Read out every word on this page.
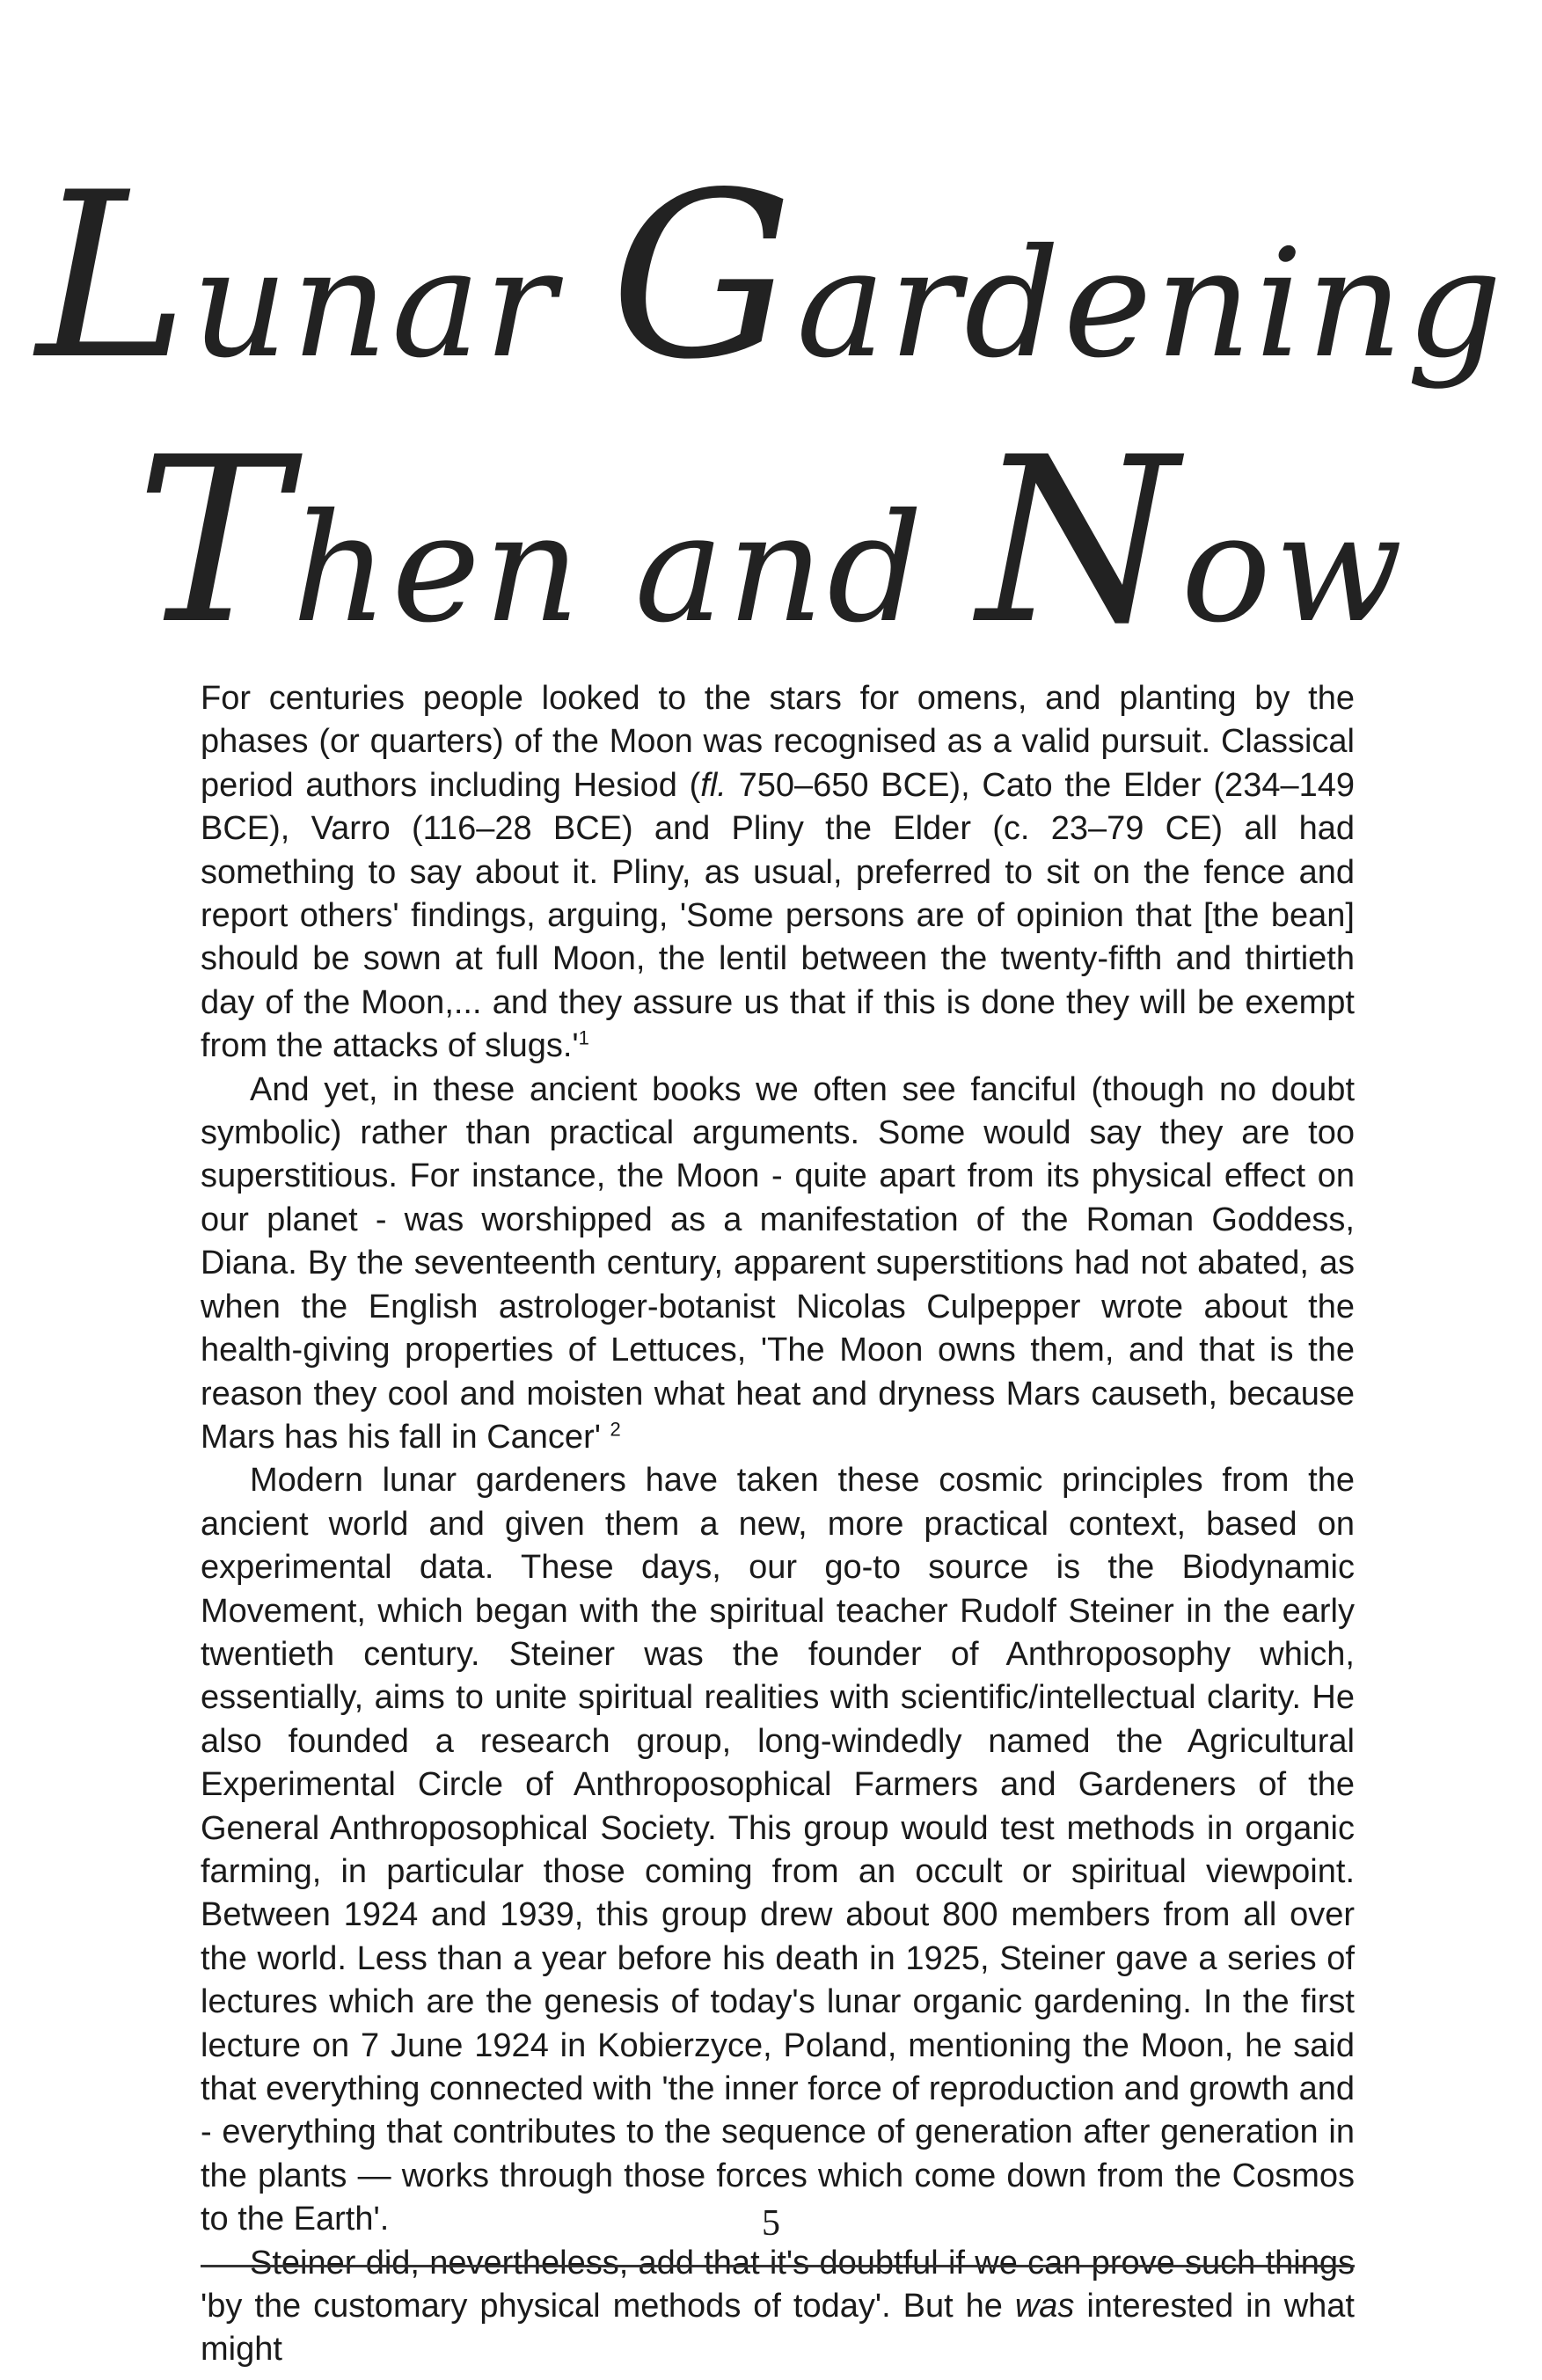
Lunar Gardening
Then and Now

For centuries people looked to the stars for omens, and planting by the phases (or quarters) of the Moon was recognised as a valid pursuit. Classical period authors including Hesiod (fl. 750–650 BCE), Cato the Elder (234–149 BCE), Varro (116–28 BCE) and Pliny the Elder (c. 23–79 CE) all had something to say about it. Pliny, as usual, preferred to sit on the fence and report others' findings, arguing, 'Some persons are of opinion that [the bean] should be sown at full Moon, the lentil between the twenty-fifth and thirtieth day of the Moon,... and they assure us that if this is done they will be exempt from the attacks of $slugs.'^1$

And yet, in these ancient books we often see fanciful (though no doubt symbolic) rather than practical arguments. Some would say they are too superstitious. For instance, the Moon - quite apart from its physical effect on our planet - was worshipped as a manifestation of the Roman Goddess, Diana. By the seventeenth century, apparent superstitions had not abated, as when the English astrologer-botanist Nicolas Culpepper wrote about the health-giving properties of Lettuces, 'The Moon owns them, and that is the reason they cool and moisten what heat and dryness Mars causeth, because Mars has his fall in Cancer' $^2$

Modern lunar gardeners have taken these cosmic principles from the ancient world and given them a new, more practical context, based on experimental data. These days, our go-to source is the Biodynamic Movement, which began with the spiritual teacher Rudolf Steiner in the early twentieth century. Steiner was the founder of Anthroposophy which, essentially, aims to unite spiritual realities with scientific/intellectual clarity. He also founded a research group, long-windedly named the Agricultural Experimental Circle of Anthroposophical Farmers and Gardeners of the General Anthroposophical Society. This group would test methods in organic farming, in particular those coming from an occult or spiritual viewpoint. Between 1924 and 1939, this group drew about 800 members from all over the world. Less than a year before his death in 1925, Steiner gave a series of lectures which are the genesis of today's lunar organic gardening. In the first lecture on 7 June 1924 in Kobierzyce, Poland, mentioning the Moon, he said that everything connected with 'the inner force of reproduction and growth and - everything that contributes to the sequence of generation after generation in the plants — works through those forces which come down from the Cosmos to the Earth'.

Steiner did, nevertheless, add that it's doubtful if we can prove such things 'by the customary physical methods of today'. But he was interested in what might

5
